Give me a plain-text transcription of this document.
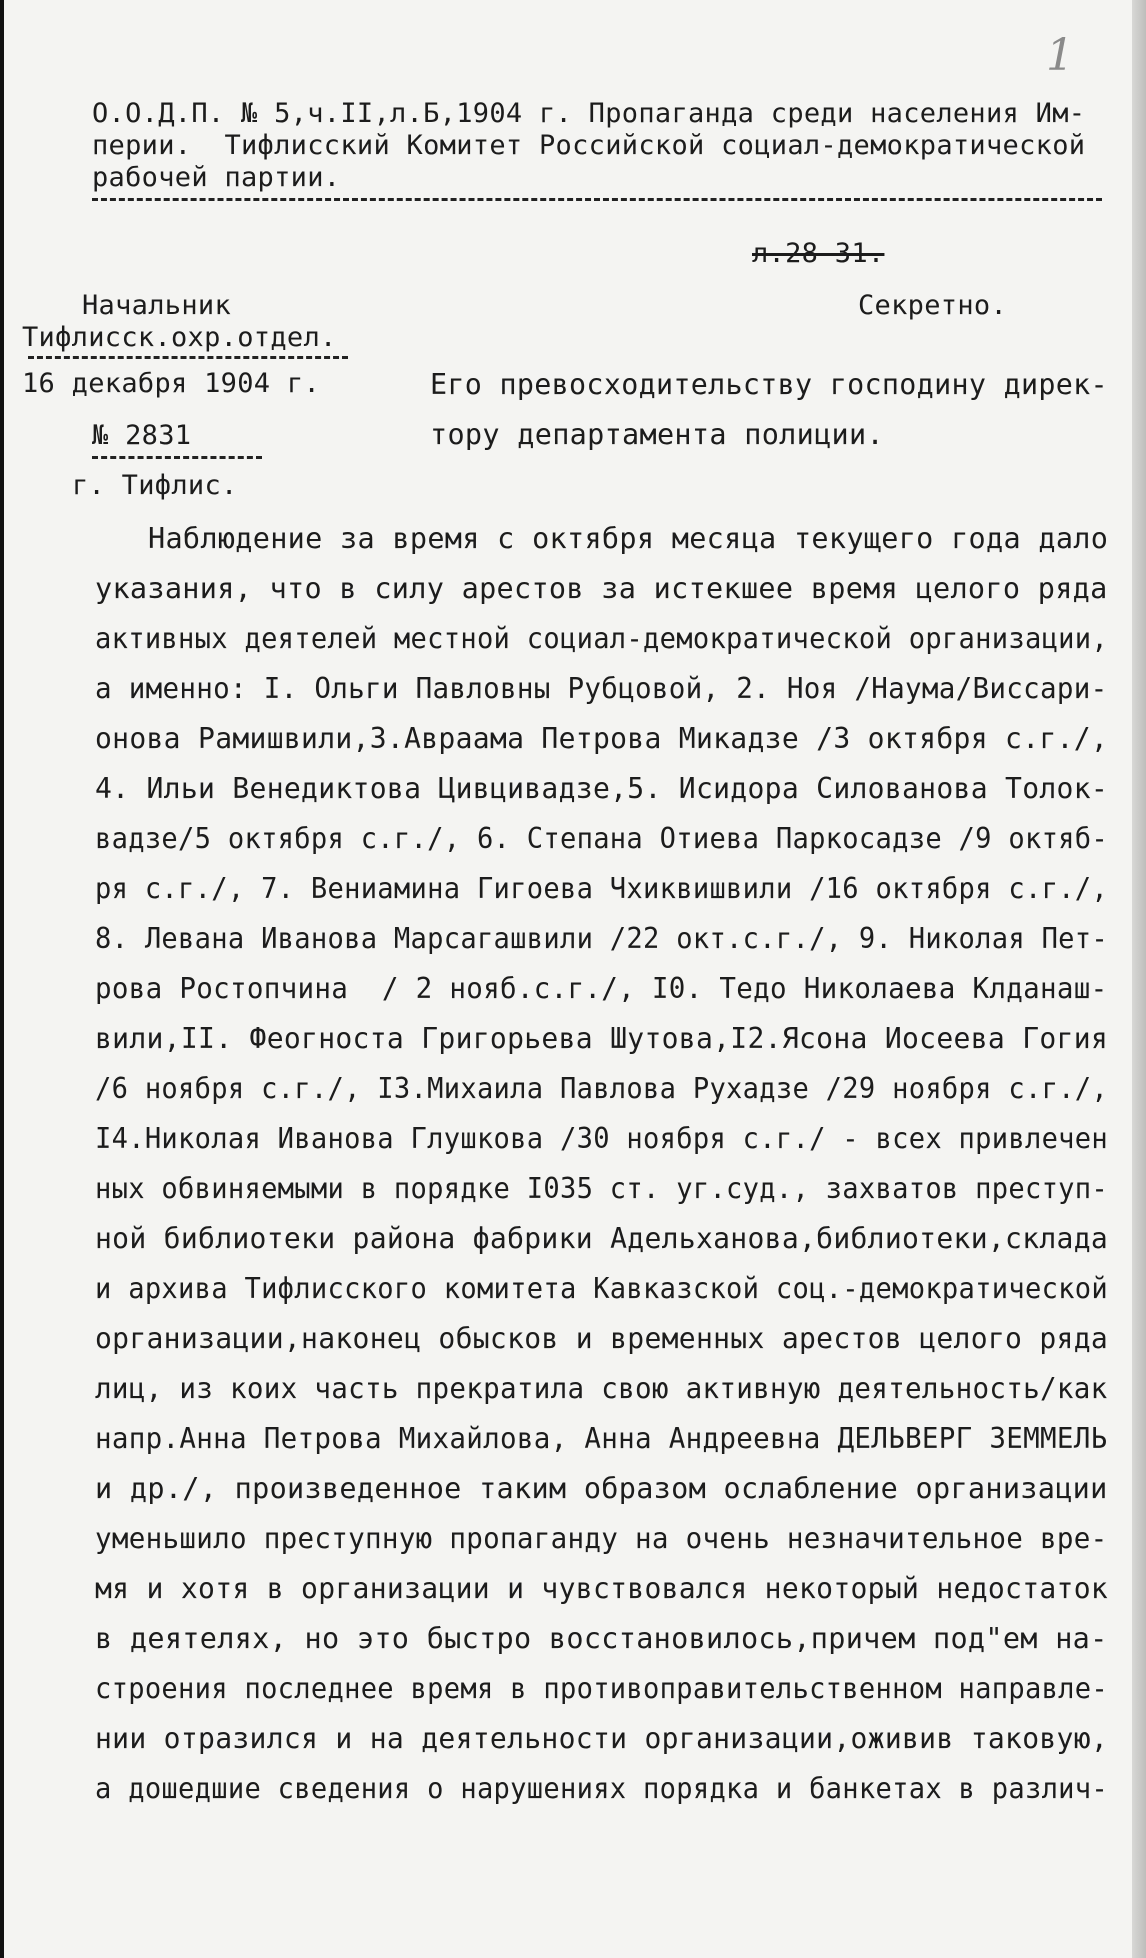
1
О.О.Д.П. № 5,ч.II,л.Б,1904 г. Пропаганда среди населения Им-
перии.  Тифлисский Комитет Российской социал-демократической
рабочей партии.
л.28-31.
Начальник
Тифлисск.охр.отдел.
16 декабря 1904 г.
№ 2831
г. Тифлис.
Секретно.
Его превосходительству господину дирек-
тору департамента полиции.
Наблюдение за время с октября месяца текущего года дало
указания, что в силу арестов за истекшее время целого ряда
активных деятелей местной социал-демократической организации,
а именно: I. Ольги Павловны Рубцовой, 2. Ноя /Наума/Виссари-
онова Рамишвили,3.Авраама Петрова Микадзе /3 октября с.г./,
4. Ильи Венедиктова Цивцивадзе,5. Исидора Силованова Толок-
вадзе/5 октября с.г./, 6. Степана Отиева Паркосадзе /9 октяб-
ря с.г./, 7. Вениамина Гигоева Чхиквишвили /16 октября с.г./,
8. Левана Иванова Марсагашвили /22 окт.с.г./, 9. Николая Пет-
рова Ростопчина  / 2 нояб.с.г./, I0. Тедо Николаева Клданаш-
вили,II. Феогноста Григорьева Шутова,I2.Ясона Иосеева Гогия
/6 ноября с.г./, I3.Михаила Павлова Рухадзе /29 ноября с.г./,
I4.Николая Иванова Глушкова /30 ноября с.г./ - всех привлечен
ных обвиняемыми в порядке I035 ст. уг.суд., захватов преступ-
ной библиотеки района фабрики Адельханова,библиотеки,склада
и архива Тифлисского комитета Кавказской соц.-демократической
организации,наконец обысков и временных арестов целого ряда
лиц, из коих часть прекратила свою активную деятельность/как
напр.Анна Петрова Михайлова, Анна Андреевна ДЕЛЬВЕРГ ЗЕММЕЛЬ
и др./, произведенное таким образом ослабление организации
уменьшило преступную пропаганду на очень незначительное вре-
мя и хотя в организации и чувствовался некоторый недостаток
в деятелях, но это быстро восстановилось,причем под"ем на-
строения последнее время в противоправительственном направле-
нии отразился и на деятельности организации,оживив таковую,
а дошедшие сведения о нарушениях порядка и банкетах в различ-
